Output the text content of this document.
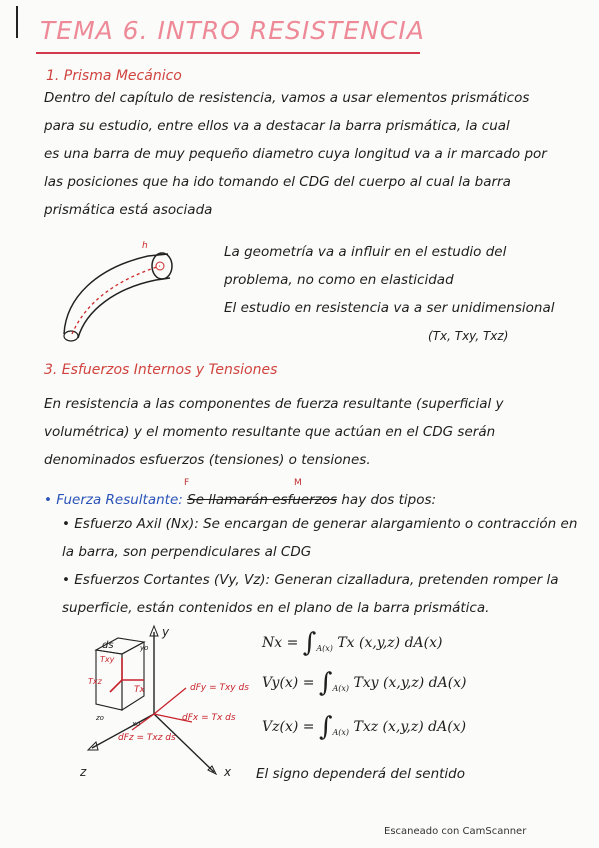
TEMA 6. INTRO RESISTENCIA
1. Prisma Mecánico
Dentro del capítulo de resistencia, vamos a usar elementos prismáticos
para su estudio, entre ellos va a destacar la barra prismática, la cual
es una barra de muy pequeño diametro cuya longitud va a ir marcado por
las posiciones que ha ido tomando el CDG del cuerpo al cual la barra
prismática está asociada
h	La geometría va a influir en el estudio del
problema, no como en elasticidad
El estudio en resistencia va a ser unidimensional
(Tx, Txy, Txz)
3. Esfuerzos Internos y Tensiones
En resistencia a las componentes de fuerza resultante (superficial y
volumétrica) y el momento resultante que actúan en el CDG serán
denominados esfuerzos (tensiones) o tensiones.
F	M
• Fuerza Resultante: Se llamarán esfuerzos hay dos tipos:
• Esfuerzo Axil (Nx): Se encargan de generar alargamiento o contracción en
la barra, son perpendiculares al CDG
• Esfuerzos Cortantes (Vy, Vz): Generan cizalladura, pretenden romper la
superficie, están contenidos en el plano de la barra prismática.
ds
Txy
Txz
Tx	dFy = Txy ds
dFx = Tx ds
dFz = Txz ds
y
x
z
yo
xo
zo
$Nx = \int_{A(x)}$ Tx (x,y,z) dA(x)
$Vy(x) = \int_{A(x)}$ Txy (x,y,z) dA(x)
$Vz(x) = \int_{A(x)}$ Txz (x,y,z) dA(x)
El signo dependerá del sentido
Escaneado con CamScanner
